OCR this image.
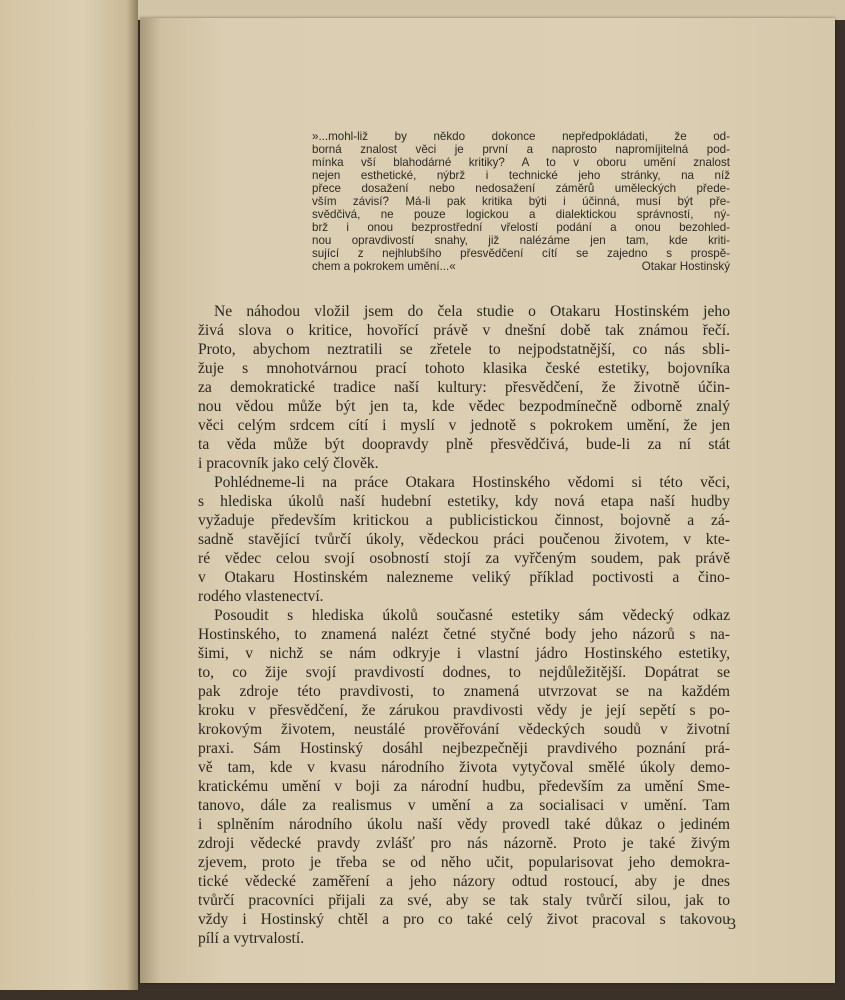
»...mohl-liž by někdo dokonce nepředpokládati, že od-
borná znalost věci je první a naprosto napromíjitelná pod-
mínka vší blahodárné kritiky? A to v oboru umění znalost
nejen esthetické, nýbrž i technické jeho stránky, na níž
přece dosažení nebo nedosažení záměrů uměleckých přede-
vším závisí? Má-li pak kritika býti i účinná, musí být pře-
svědčivá, ne pouze logickou a dialektickou správností, ný-
brž i onou bezprostřední vřelostí podání a onou bezohled-
nou opravdivostí snahy, již nalézáme jen tam, kde kriti-
sující z nejhlubšího přesvědčení cítí se zajedno s prospě-
chem a pokrokem umění...«	Otakar Hostinský
Ne náhodou vložil jsem do čela studie o Otakaru Hostinském jeho
živá slova o kritice, hovořící právě v dnešní době tak známou řečí.
Proto, abychom neztratili se zřetele to nejpodstatnější, co nás sbli-
žuje s mnohotvárnou prací tohoto klasika české estetiky, bojovníka
za demokratické tradice naší kultury: přesvědčení, že životně účin-
nou vědou může být jen ta, kde vědec bezpodmínečně odborně znalý
věci celým srdcem cítí i myslí v jednotě s pokrokem umění, že jen
ta věda může být doopravdy plně přesvědčivá, bude-li za ní stát
i pracovník jako celý člověk.
Pohlédneme-li na práce Otakara Hostinského vědomi si této věci,
s hlediska úkolů naší hudební estetiky, kdy nová etapa naší hudby
vyžaduje především kritickou a publicistickou činnost, bojovně a zá-
sadně stavějící tvůrčí úkoly, vědeckou práci poučenou životem, v kte-
ré vědec celou svojí osobností stojí za vyřčeným soudem, pak právě
v Otakaru Hostinském nalezneme veliký příklad poctivosti a čino-
rodého vlastenectví.
Posoudit s hlediska úkolů současné estetiky sám vědecký odkaz
Hostinského, to znamená nalézt četné styčné body jeho názorů s na-
šimi, v nichž se nám odkryje i vlastní jádro Hostinského estetiky,
to, co žije svojí pravdivostí dodnes, to nejdůležitější. Dopátrat se
pak zdroje této pravdivosti, to znamená utvrzovat se na každém
kroku v přesvědčení, že zárukou pravdivosti vědy je její sepětí s po-
krokovým životem, neustálé prověřování vědeckých soudů v životní
praxi. Sám Hostinský dosáhl nejbezpečněji pravdivého poznání prá-
vě tam, kde v kvasu národního života vytyčoval smělé úkoly demo-
kratickému umění v boji za národní hudbu, především za umění Sme-
tanovo, dále za realismus v umění a za socialisaci v umění. Tam
i splněním národního úkolu naší vědy provedl také důkaz o jediném
zdroji vědecké pravdy zvlášť pro nás názorně. Proto je také živým
zjevem, proto je třeba se od něho učit, popularisovat jeho demokra-
tické vědecké zaměření a jeho názory odtud rostoucí, aby je dnes
tvůrčí pracovníci přijali za své, aby se tak staly tvůrčí silou, jak to
vždy i Hostinský chtěl a pro co také celý život pracoval s takovou
pílí a vytrvalostí.
3
